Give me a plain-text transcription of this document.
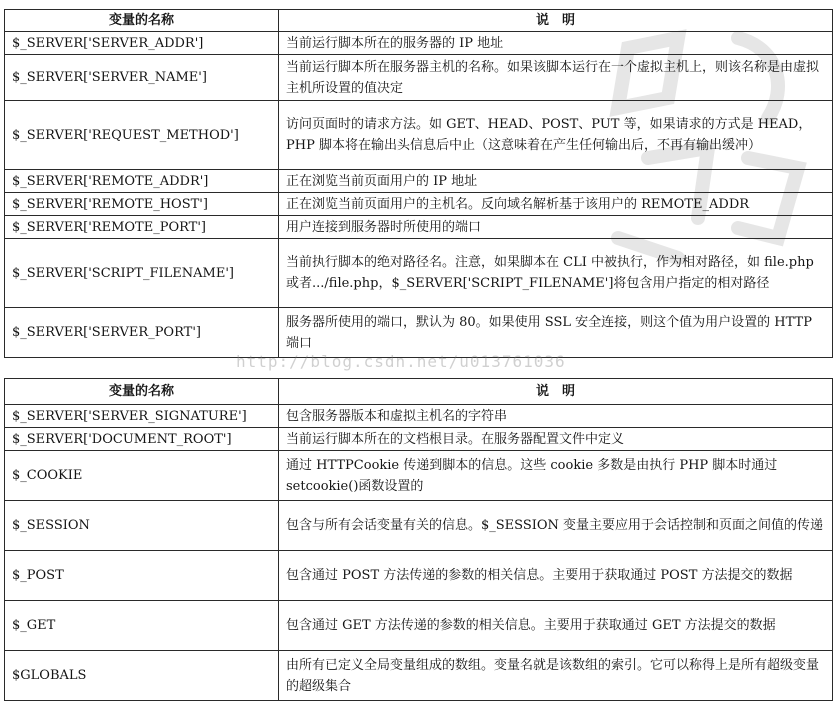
变量的名称	说　明
$_SERVER['SERVER_ADDR']	当前运行脚本所在的服务器的 IP 地址
$_SERVER['SERVER_NAME']	当前运行脚本所在服务器主机的名称。如果该脚本运行在一个虚拟主机上，则该名称是由虚拟主机所设置的值决定
$_SERVER['REQUEST_METHOD']	访问页面时的请求方法。如 GET、HEAD、POST、PUT 等，如果请求的方式是 HEAD，PHP 脚本将在输出头信息后中止（这意味着在产生任何输出后，不再有输出缓冲）
$_SERVER['REMOTE_ADDR']	正在浏览当前页面用户的 IP 地址
$_SERVER['REMOTE_HOST']	正在浏览当前页面用户的主机名。反向域名解析基于该用户的 REMOTE_ADDR
$_SERVER['REMOTE_PORT']	用户连接到服务器时所使用的端口
$_SERVER['SCRIPT_FILENAME']	当前执行脚本的绝对路径名。注意，如果脚本在 CLI 中被执行，作为相对路径，如 file.php 或者.../file.php，$_SERVER['SCRIPT_FILENAME']将包含用户指定的相对路径
$_SERVER['SERVER_PORT']	服务器所使用的端口，默认为 80。如果使用 SSL 安全连接，则这个值为用户设置的 HTTP 端口
http://blog.csdn.net/u013761036
变量的名称	说　明
$_SERVER['SERVER_SIGNATURE']	包含服务器版本和虚拟主机名的字符串
$_SERVER['DOCUMENT_ROOT']	当前运行脚本所在的文档根目录。在服务器配置文件中定义
$_COOKIE	通过 HTTPCookie 传递到脚本的信息。这些 cookie 多数是由执行 PHP 脚本时通过 setcookie()函数设置的
$_SESSION	包含与所有会话变量有关的信息。$_SESSION 变量主要应用于会话控制和页面之间值的传递
$_POST	包含通过 POST 方法传递的参数的相关信息。主要用于获取通过 POST 方法提交的数据
$_GET	包含通过 GET 方法传递的参数的相关信息。主要用于获取通过 GET 方法提交的数据
$GLOBALS	由所有已定义全局变量组成的数组。变量名就是该数组的索引。它可以称得上是所有超级变量的超级集合
